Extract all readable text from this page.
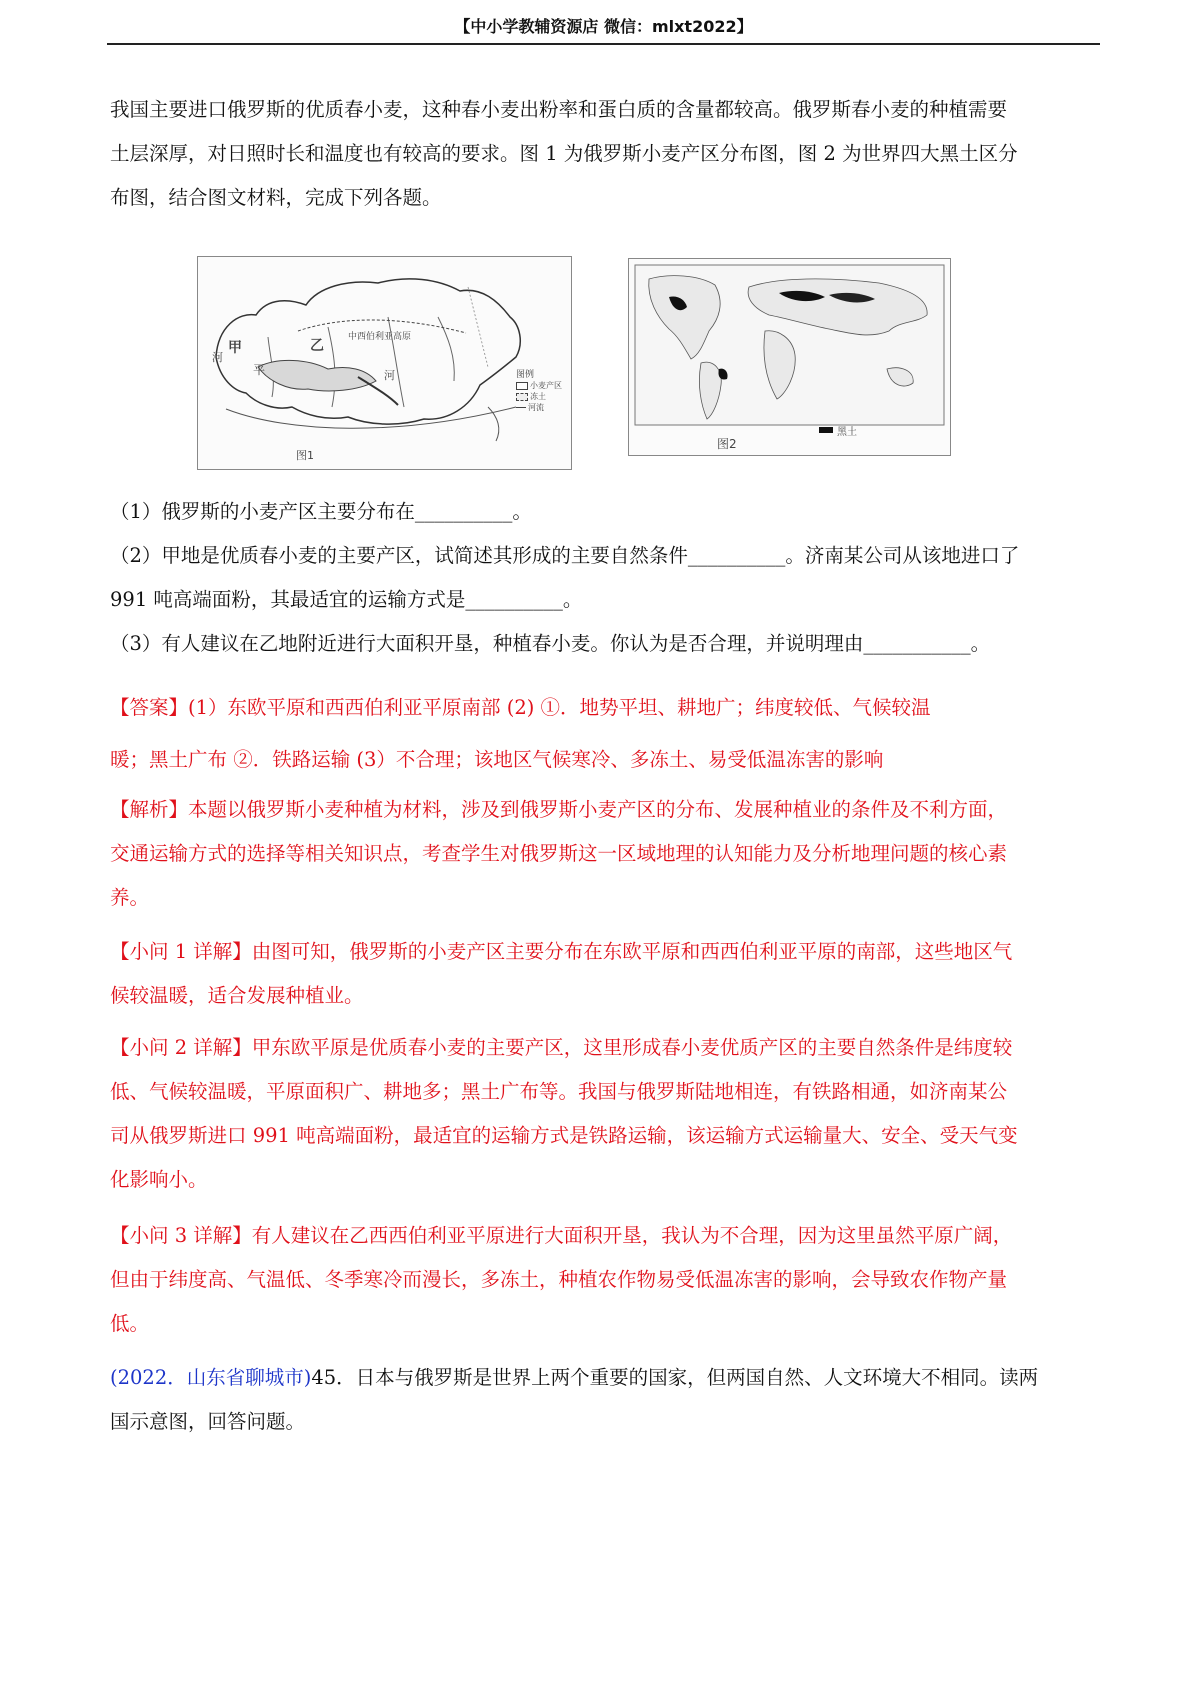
【中小学教辅资源店 微信：mlxt2022】
我国主要进口俄罗斯的优质春小麦，这种春小麦出粉率和蛋白质的含量都较高。俄罗斯春小麦的种植需要
土层深厚，对日照时长和温度也有较高的要求。图 1 为俄罗斯小麦产区分布图，图 2 为世界四大黑土区分
布图，结合图文材料，完成下列各题。
甲
平
乙
河
河
中西伯利亚高原
图例
小麦产区
冻土
河流
图1
黑土
图2
（1）俄罗斯的小麦产区主要分布在__________。
（2）甲地是优质春小麦的主要产区，试简述其形成的主要自然条件__________。济南某公司从该地进口了
991 吨高端面粉，其最适宜的运输方式是__________。
（3）有人建议在乙地附近进行大面积开垦，种植春小麦。你认为是否合理，并说明理由___________。
【答案】(1）东欧平原和西西伯利亚平原南部 (2) ①．地势平坦、耕地广；纬度较低、气候较温
暖；黑土广布 ②．铁路运输 (3）不合理；该地区气候寒冷、多冻土、易受低温冻害的影响
【解析】本题以俄罗斯小麦种植为材料，涉及到俄罗斯小麦产区的分布、发展种植业的条件及不利方面，
交通运输方式的选择等相关知识点，考查学生对俄罗斯这一区域地理的认知能力及分析地理问题的核心素
养。
【小问 1 详解】由图可知，俄罗斯的小麦产区主要分布在东欧平原和西西伯利亚平原的南部，这些地区气
候较温暖，适合发展种植业。
【小问 2 详解】甲东欧平原是优质春小麦的主要产区，这里形成春小麦优质产区的主要自然条件是纬度较
低、气候较温暖，平原面积广、耕地多；黑土广布等。我国与俄罗斯陆地相连，有铁路相通，如济南某公
司从俄罗斯进口 991 吨高端面粉，最适宜的运输方式是铁路运输，该运输方式运输量大、安全、受天气变
化影响小。
【小问 3 详解】有人建议在乙西西伯利亚平原进行大面积开垦，我认为不合理，因为这里虽然平原广阔，
但由于纬度高、气温低、冬季寒冷而漫长，多冻土，种植农作物易受低温冻害的影响，会导致农作物产量
低。
(2022．山东省聊城市)45．日本与俄罗斯是世界上两个重要的国家，但两国自然、人文环境大不相同。读两
国示意图，回答问题。
